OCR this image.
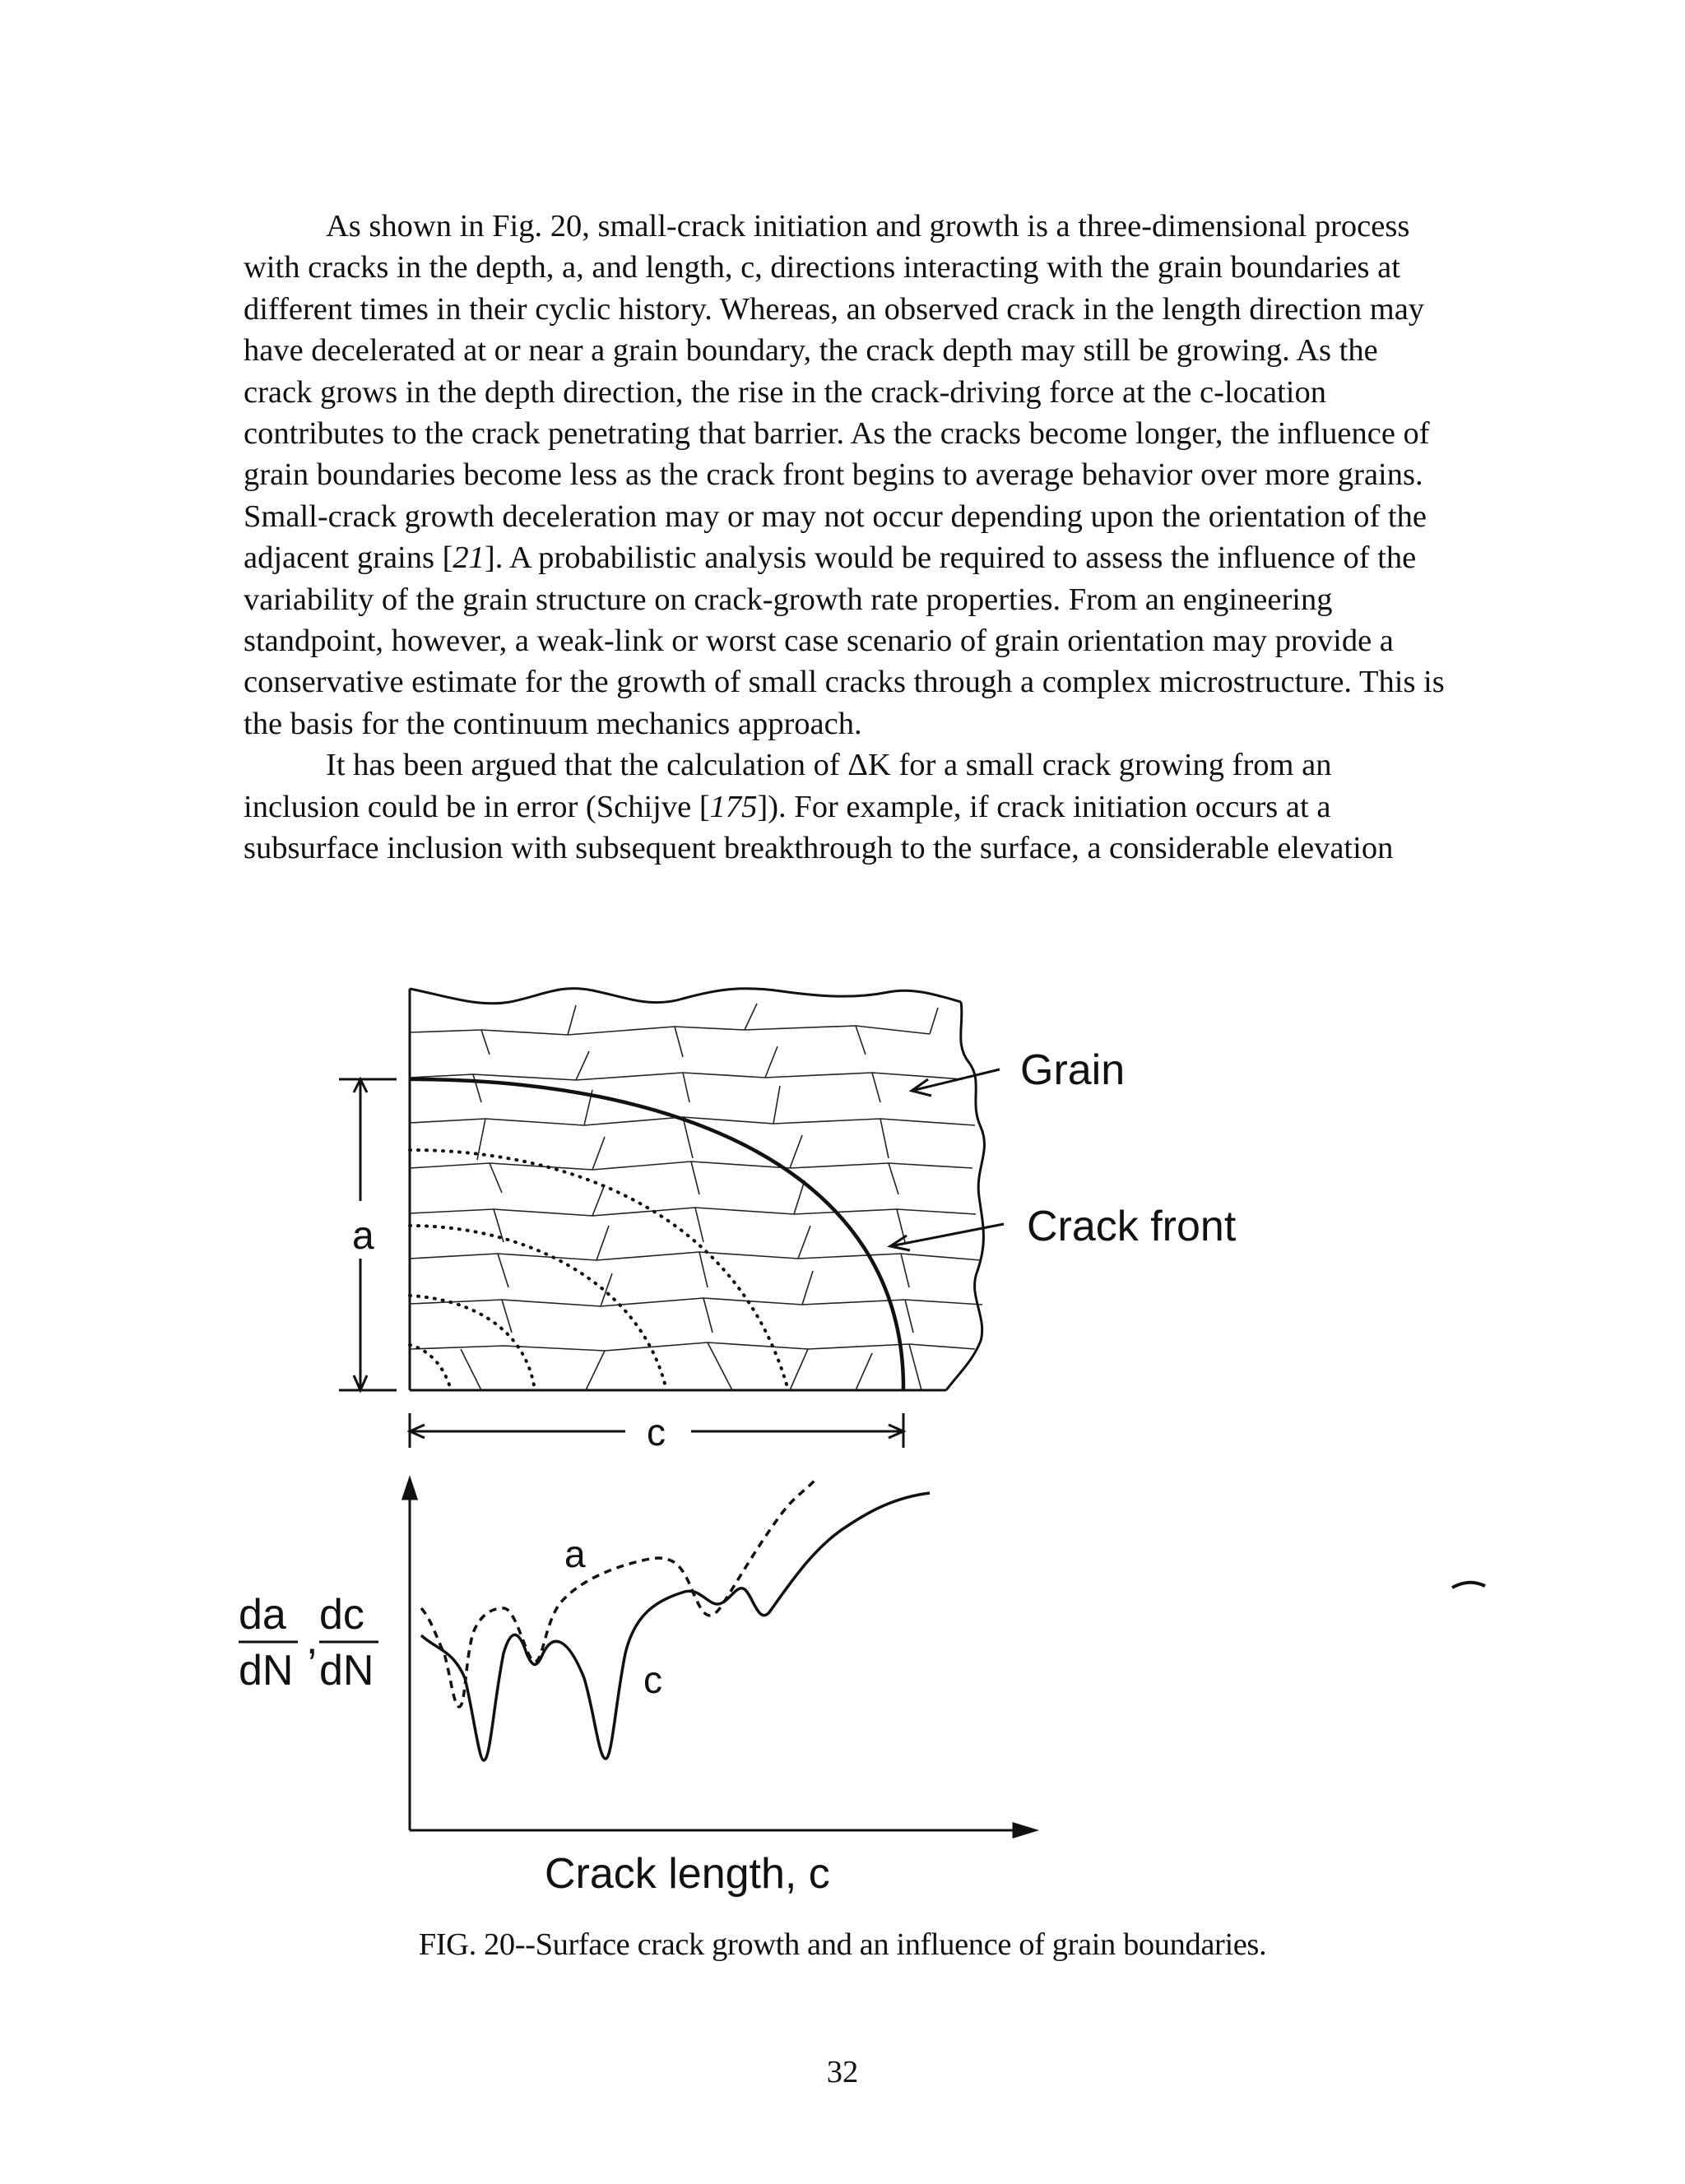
As shown in Fig. 20, small-crack initiation and growth is a three-dimensional process with cracks in the depth, a, and length, c, directions interacting with the grain boundaries at different times in their cyclic history. Whereas, an observed crack in the length direction may have decelerated at or near a grain boundary, the crack depth may still be growing. As the crack grows in the depth direction, the rise in the crack-driving force at the c-location contributes to the crack penetrating that barrier. As the cracks become longer, the influence of grain boundaries become less as the crack front begins to average behavior over more grains. Small-crack growth deceleration may or may not occur depending upon the orientation of the adjacent grains [21]. A probabilistic analysis would be required to assess the influence of the variability of the grain structure on crack-growth rate properties. From an engineering standpoint, however, a weak-link or worst case scenario of grain orientation may provide a conservative estimate for the growth of small cracks through a complex microstructure. This is the basis for the continuum mechanics approach.

It has been argued that the calculation of ΔK for a small crack growing from an inclusion could be in error (Schijve [175]). For example, if crack initiation occurs at a subsurface inclusion with subsequent breakthrough to the surface, a considerable elevation

Grain
Crack front
a
c
da
dN
,
dc
dN
a
c
Crack length, c
FIG. 20--Surface crack growth and an influence of grain boundaries.
32
